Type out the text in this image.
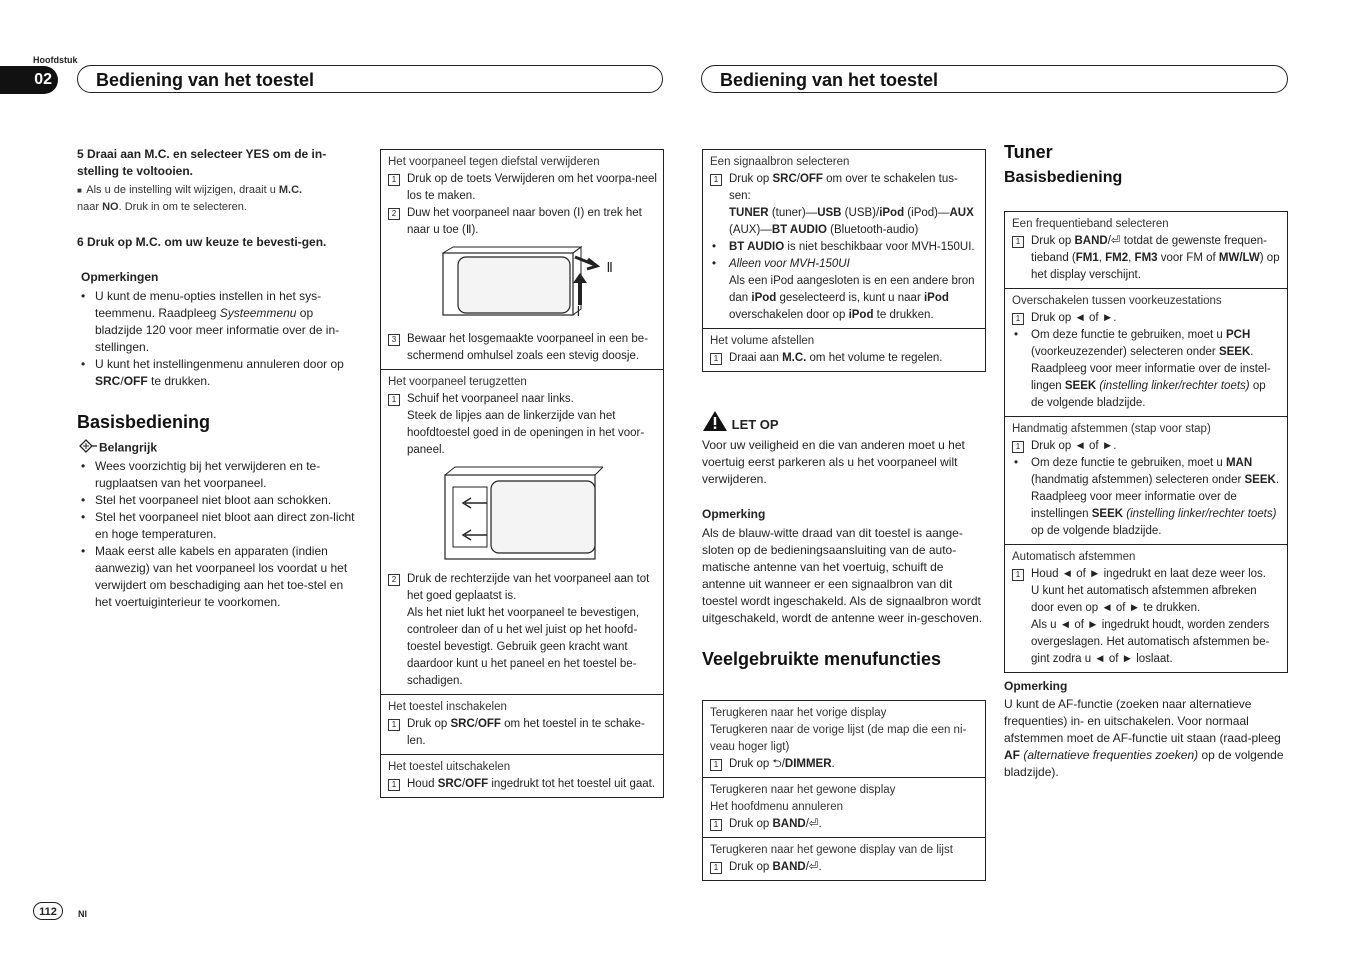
Hoofdstuk
02	Bediening van het toestel	Bediening van het toestel
5 Draai aan M.C. en selecteer YES om de in-stelling te voltooien.
■  Als u de instelling wilt wijzigen, draait u M.C.
naar NO. Druk in om te selecteren.
6 Druk op M.C. om uw keuze te bevesti-gen.
Opmerkingen
• U kunt de menu-opties instellen in het sys-teemmenu. Raadpleeg Systeemmenu op bladzijde 120 voor meer informatie over de in-stellingen.
• U kunt het instellingenmenu annuleren door op SRC/OFF te drukken.
Basisbediening
Belangrijk
• Wees voorzichtig bij het verwijderen en te-rugplaatsen van het voorpaneel.
• Stel het voorpaneel niet bloot aan schokken.
• Stel het voorpaneel niet bloot aan direct zon-licht en hoge temperaturen.
• Maak eerst alle kabels en apparaten (indien aanwezig) van het voorpaneel los voordat u het verwijdert om beschadiging aan het toe-stel en het voertuiginterieur te voorkomen.
Het voorpaneel tegen diefstal verwijderen
1 Druk op de toets Verwijderen om het voorpa-neel los te maken.
2 Duw het voorpaneel naar boven (Ⅰ) en trek het naar u toe (Ⅱ).
Ⅱ
Ⅰ
3 Bewaar het losgemaakte voorpaneel in een be-schermend omhulsel zoals een stevig doosje.
Het voorpaneel terugzetten
1 Schuif het voorpaneel naar links.
Steek de lipjes aan de linkerzijde van het hoofdtoestel goed in de openingen in het voor-paneel.
2 Druk de rechterzijde van het voorpaneel aan tot het goed geplaatst is.
Als het niet lukt het voorpaneel te bevestigen, controleer dan of u het wel juist op het hoofd-toestel bevestigt. Gebruik geen kracht want daardoor kunt u het paneel en het toestel be-schadigen.
Het toestel inschakelen
1 Druk op SRC/OFF om het toestel in te schake-len.
Het toestel uitschakelen
1 Houd SRC/OFF ingedrukt tot het toestel uit gaat.
Een signaalbron selecteren
1 Druk op SRC/OFF om over te schakelen tus-sen:
TUNER (tuner)—USB (USB)/iPod (iPod)—AUX (AUX)—BT AUDIO (Bluetooth-audio)
• BT AUDIO is niet beschikbaar voor MVH-150UI.
• Alleen voor MVH-150UI
Als een iPod aangesloten is en een andere bron dan iPod geselecteerd is, kunt u naar iPod overschakelen door op iPod te drukken.
Het volume afstellen
1 Draai aan M.C. om het volume te regelen.
LET OP
Voor uw veiligheid en die van anderen moet u het voertuig eerst parkeren als u het voorpaneel wilt verwijderen.
Opmerking
Als de blauw-witte draad van dit toestel is aange-sloten op de bedieningsaansluiting van de auto-matische antenne van het voertuig, schuift de antenne uit wanneer er een signaalbron van dit toestel wordt ingeschakeld. Als de signaalbron wordt uitgeschakeld, wordt de antenne weer in-geschoven.
Veelgebruikte menufuncties
Terugkeren naar het vorige display
Terugkeren naar de vorige lijst (de map die een ni-veau hoger ligt)
1 Druk op ⮌/DIMMER.
Terugkeren naar het gewone display
Het hoofdmenu annuleren
1 Druk op BAND/⏎.
Terugkeren naar het gewone display van de lijst
1 Druk op BAND/⏎.
Tuner
Basisbediening
Een frequentieband selecteren
1 Druk op BAND/⏎ totdat de gewenste frequen-tieband (FM1, FM2, FM3 voor FM of MW/LW) op het display verschijnt.
Overschakelen tussen voorkeuzestations
1 Druk op ◄ of ►.
• Om deze functie te gebruiken, moet u PCH (voorkeuzezender) selecteren onder SEEK. Raadpleeg voor meer informatie over de instel-lingen SEEK (instelling linker/rechter toets) op de volgende bladzijde.
Handmatig afstemmen (stap voor stap)
1 Druk op ◄ of ►.
• Om deze functie te gebruiken, moet u MAN (handmatig afstemmen) selecteren onder SEEK. Raadpleeg voor meer informatie over de instellingen SEEK (instelling linker/rechter toets) op de volgende bladzijde.
Automatisch afstemmen
1 Houd ◄ of ► ingedrukt en laat deze weer los.
U kunt het automatisch afstemmen afbreken door even op ◄ of ► te drukken.
Als u ◄ of ► ingedrukt houdt, worden zenders overgeslagen. Het automatisch afstemmen be-gint zodra u ◄ of ► loslaat.
Opmerking
U kunt de AF-functie (zoeken naar alternatieve frequenties) in- en uitschakelen. Voor normaal afstemmen moet de AF-functie uit staan (raad-pleeg AF (alternatieve frequenties zoeken) op de volgende bladzijde).
112	Nl
